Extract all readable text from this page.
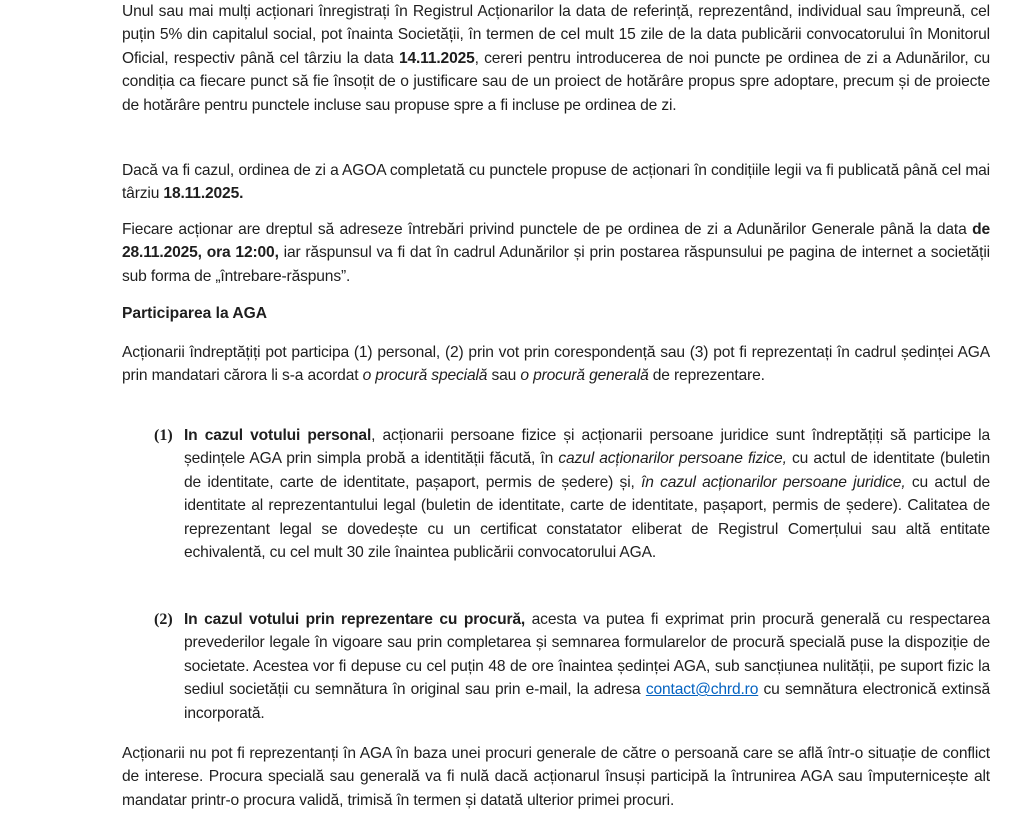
Unul sau mai mulți acționari înregistrați în Registrul Acționarilor la data de referință, reprezentând, individual sau împreună, cel puțin 5% din capitalul social, pot înainta Societății, în termen de cel mult 15 zile de la data publicării convocatorului în Monitorul Oficial, respectiv până cel târziu la data 14.11.2025, cereri pentru introducerea de noi puncte pe ordinea de zi a Adunărilor, cu condiția ca fiecare punct să fie însoțit de o justificare sau de un proiect de hotărâre propus spre adoptare, precum și de proiecte de hotărâre pentru punctele incluse sau propuse spre a fi incluse pe ordinea de zi.

Dacă va fi cazul, ordinea de zi a AGOA completată cu punctele propuse de acționari în condițiile legii va fi publicată până cel mai târziu 18.11.2025.

Fiecare acționar are dreptul să adreseze întrebări privind punctele de pe ordinea de zi a Adunărilor Generale până la data de 28.11.2025, ora 12:00, iar răspunsul va fi dat în cadrul Adunărilor și prin postarea răspunsului pe pagina de internet a societății sub forma de „întrebare-răspuns”.

Participarea la AGA

Acționarii îndreptățiți pot participa (1) personal, (2) prin vot prin corespondență sau (3) pot fi reprezentați în cadrul ședinței AGA prin mandatari cărora li s-a acordat o procură specială sau o procură generală de reprezentare.

(1) In cazul votului personal, acționarii persoane fizice și acționarii persoane juridice sunt îndreptățiți să participe la ședințele AGA prin simpla probă a identității făcută, în cazul acționarilor persoane fizice, cu actul de identitate (buletin de identitate, carte de identitate, pașaport, permis de ședere) și, în cazul acționarilor persoane juridice, cu actul de identitate al reprezentantului legal (buletin de identitate, carte de identitate, pașaport, permis de ședere). Calitatea de reprezentant legal se dovedește cu un certificat constatator eliberat de Registrul Comerțului sau altă entitate echivalentă, cu cel mult 30 zile înaintea publicării convocatorului AGA.

(2) In cazul votului prin reprezentare cu procură, acesta va putea fi exprimat prin procură generală cu respectarea prevederilor legale în vigoare sau prin completarea și semnarea formularelor de procură specială puse la dispoziție de societate. Acestea vor fi depuse cu cel puțin 48 de ore înaintea ședinței AGA, sub sancțiunea nulității, pe suport fizic la sediul societății cu semnătura în original sau prin e-mail, la adresa contact@chrd.ro cu semnătura electronică extinsă incorporată.

Acționarii nu pot fi reprezentanți în AGA în baza unei procuri generale de către o persoană care se află într-o situație de conflict de interese. Procura specială sau generală va fi nulă dacă acționarul însuși participă la întrunirea AGA sau împuternicește alt mandatar printr-o procura validă, trimisă în termen și datată ulterior primei procuri.
